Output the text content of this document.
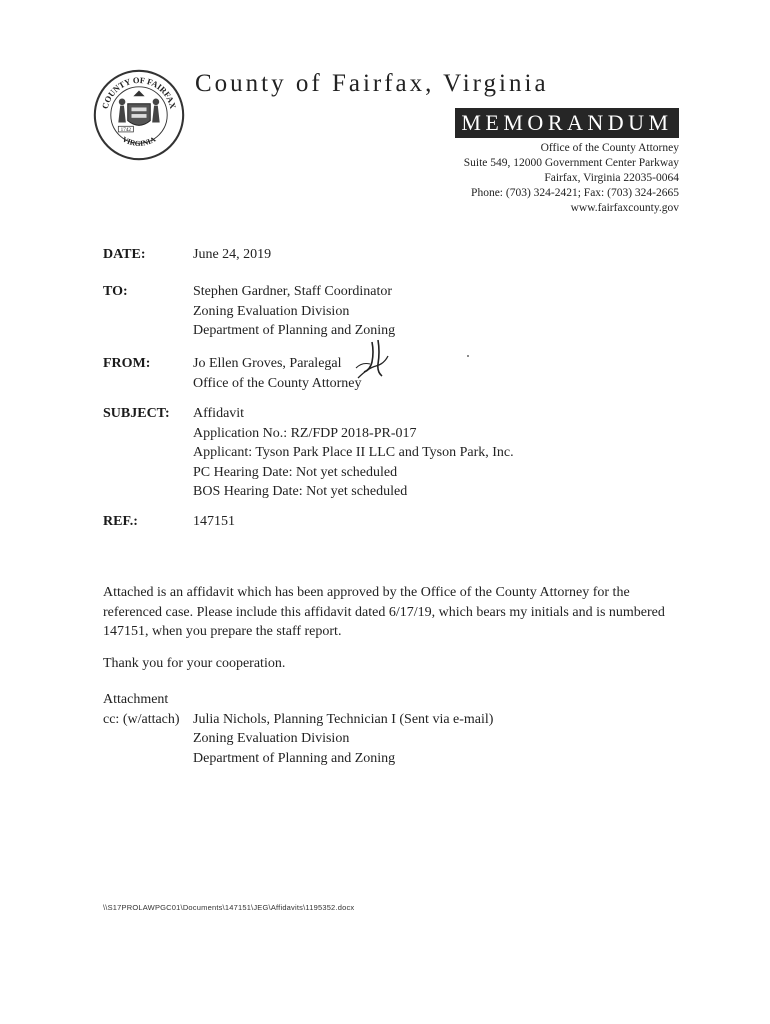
COUNTY OF FAIRFAX
VIRGINIA
1742
County of Fairfax, Virginia
MEMORANDUM
Office of the County Attorney
Suite 549, 12000 Government Center Parkway
Fairfax, Virginia 22035-0064
Phone: (703) 324-2421; Fax: (703) 324-2665
www.fairfaxcounty.gov
DATE:	June 24, 2019
TO:	Stephen Gardner, Staff Coordinator
Zoning Evaluation Division
Department of Planning and Zoning
FROM:	Jo Ellen Groves, Paralegal
Office of the County Attorney
SUBJECT: Affidavit
Application No.: RZ/FDP 2018-PR-017
Applicant: Tyson Park Place II LLC and Tyson Park, Inc.
PC Hearing Date: Not yet scheduled
BOS Hearing Date: Not yet scheduled
REF.:	147151
Attached is an affidavit which has been approved by the Office of the County Attorney for the referenced case. Please include this affidavit dated 6/17/19, which bears my initials and is numbered 147151, when you prepare the staff report.
Thank you for your cooperation.
Attachment
cc: (w/attach) Julia Nichols, Planning Technician I (Sent via e-mail)
Zoning Evaluation Division
Department of Planning and Zoning
\\S17PROLAWPGC01\Documents\147151\JEG\Affidavits\1195352.docx
